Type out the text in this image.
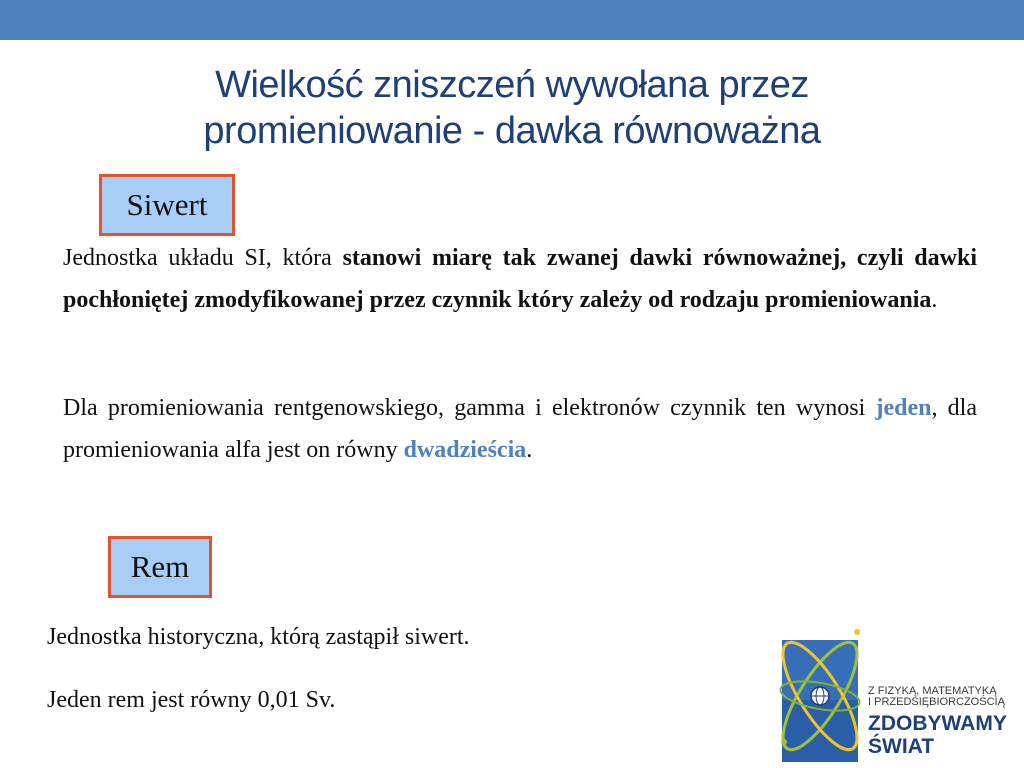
Wielkość zniszczeń wywołana przez
promieniowanie - dawka równoważna
Siwert
Jednostka układu SI, która stanowi miarę tak zwanej dawki równoważnej, czyli dawki pochłoniętej zmodyfikowanej przez czynnik który zależy od rodzaju promieniowania.
Dla promieniowania rentgenowskiego, gamma i elektronów czynnik ten wynosi jeden, dla promieniowania alfa jest on równy dwadzieścia.
Rem
Jednostka historyczna, którą zastąpił siwert.
Jeden rem jest równy 0,01 Sv.	Z FIZYKĄ, MATEMATYKĄ
I PRZEDSIĘBIORCZOŚCIĄ
ZDOBYWAMY
ŚWIAT
